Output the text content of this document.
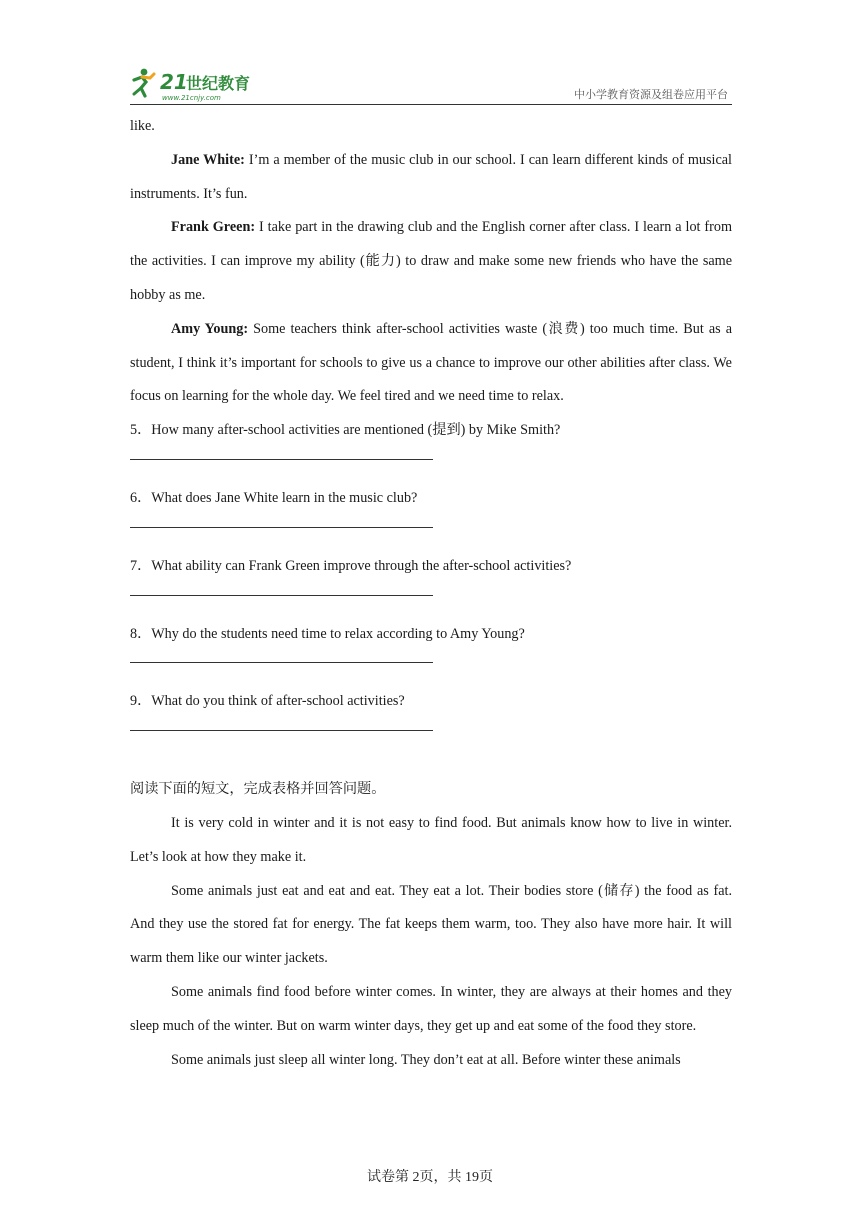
21
世纪教育
www.21cnjy.com	中小学教育资源及组卷应用平台

like.

Jane White: I’m a member of the music club in our school. I can learn different kinds of musical instruments. It’s fun.

Frank Green: I take part in the drawing club and the English corner after class. I learn a lot from the activities. I can improve my ability (能力) to draw and make some new friends who have the same hobby as me.

Amy Young: Some teachers think after-school activities waste (浪费) too much time. But as a student, I think it’s important for schools to give us a chance to improve our other abilities after class. We focus on learning for the whole day. We feel tired and we need time to relax.

5．How many after-school activities are mentioned (提到) by Mike Smith?

6．What does Jane White learn in the music club?

7．What ability can Frank Green improve through the after-school activities?

8．Why do the students need time to relax according to Amy Young?

9．What do you think of after-school activities?

阅读下面的短文，完成表格并回答问题。

It is very cold in winter and it is not easy to find food. But animals know how to live in winter. Let’s look at how they make it.

Some animals just eat and eat and eat. They eat a lot. Their bodies store (储存) the food as fat. And they use the stored fat for energy. The fat keeps them warm, too. They also have more hair. It will warm them like our winter jackets.

Some animals find food before winter comes. In winter, they are always at their homes and they sleep much of the winter. But on warm winter days, they get up and eat some of the food they store.

Some animals just sleep all winter long. They don’t eat at all. Before winter these animals

试卷第 2页，共 19页
